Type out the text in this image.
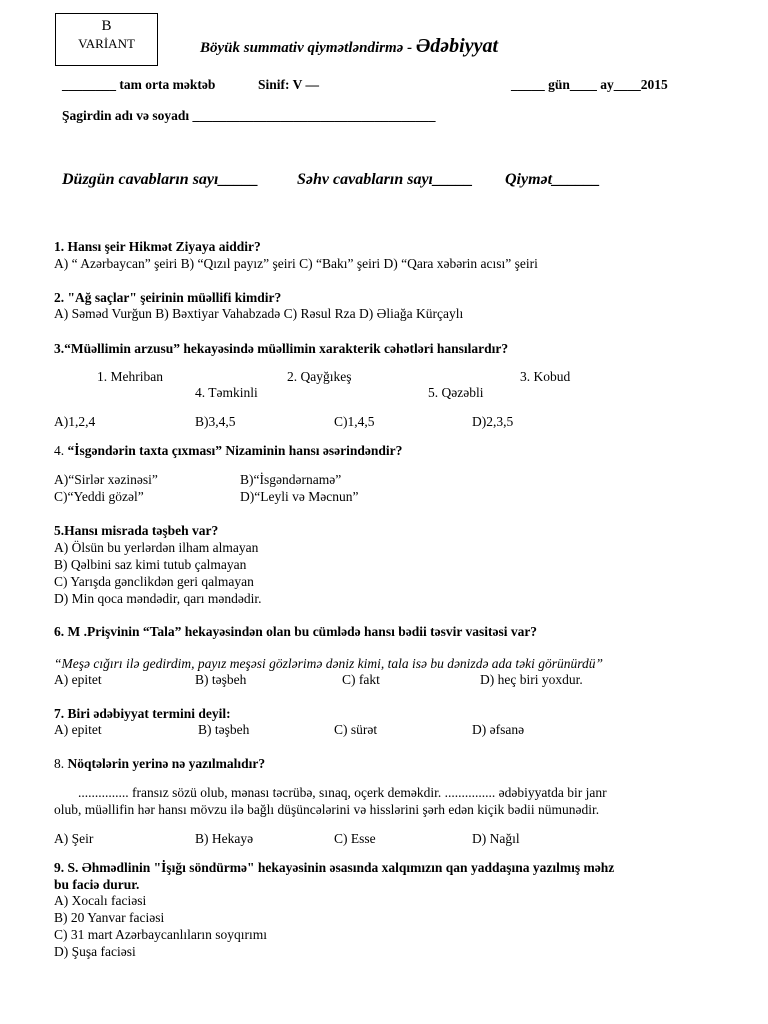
B
VARİANT	Böyük summativ qiymətləndirmə - Ədəbiyyat
________ tam orta məktəb	Sinif: V —	_____ gün____ ay____2015
Şagirdin adı və soyadı ____________________________________
Düzgün cavabların sayı_____ Səhv cavabların sayı_____ Qiymət______
1. Hansı şeir Hikmət Ziyaya aiddir?
A) “ Azərbaycan” şeiri B) “Qızıl payız” şeiri C) “Bakı” şeiri D) “Qara xəbərin acısı” şeiri
2. "Ağ saçlar" şeirinin müəllifi kimdir?
A) Səməd Vurğun B) Bəxtiyar Vahabzadə C) Rəsul Rza D) Əliağa Kürçaylı
3.“Müəllimin arzusu” hekayəsində müəllimin xarakterik cəhətləri hansılardır?
1. Mehriban	2. Qayğıkeş	3. Kobud
4. Təmkinli	5. Qəzəbli
A)1,2,4	B)3,4,5	C)1,4,5	D)2,3,5
4. “İsgəndərin taxta çıxması” Nizaminin hansı əsərindəndir?
A)“Sirlər xəzinəsi”	B)“İsgəndərnamə”
C)“Yeddi gözəl”	D)“Leyli və Məcnun”
5.Hansı misrada təşbeh var?
A) Ölsün bu yerlərdən ilham almayan
B) Qəlbini saz kimi tutub çalmayan
C) Yarışda gənclikdən geri qalmayan
D) Min qoca məndədir, qarı məndədir.
6. M .Prişvinin “Tala” hekayəsindən olan bu cümlədə hansı bədii təsvir vasitəsi var?
“Meşə cığırı ilə gedirdim, payız meşəsi gözlərimə dəniz kimi, tala isə bu dənizdə ada təki görünürdü”
A) epitet	B) təşbeh	C) fakt	D) heç biri yoxdur.
7. Biri ədəbiyyat termini deyil:
A) epitet	B) təşbeh	C) sürət	D) əfsanə
8. Nöqtələrin yerinə nə yazılmalıdır?
............... fransız sözü olub, mənası təcrübə, sınaq, oçerk deməkdir. ............... ədəbiyyatda bir janr
olub, müəllifin hər hansı mövzu ilə bağlı düşüncələrini və hisslərini şərh edən kiçik bədii nümunədir.
A) Şeir	B) Hekayə	C) Esse	D) Nağıl
9. S. Əhmədlinin "İşığı söndürmə" hekayəsinin əsasında xalqımızın qan yaddaşına yazılmış məhz
bu faciə durur.
A) Xocalı faciəsi
B) 20 Yanvar faciəsi
C) 31 mart Azərbaycanlıların soyqırımı
D) Şuşa faciəsi
